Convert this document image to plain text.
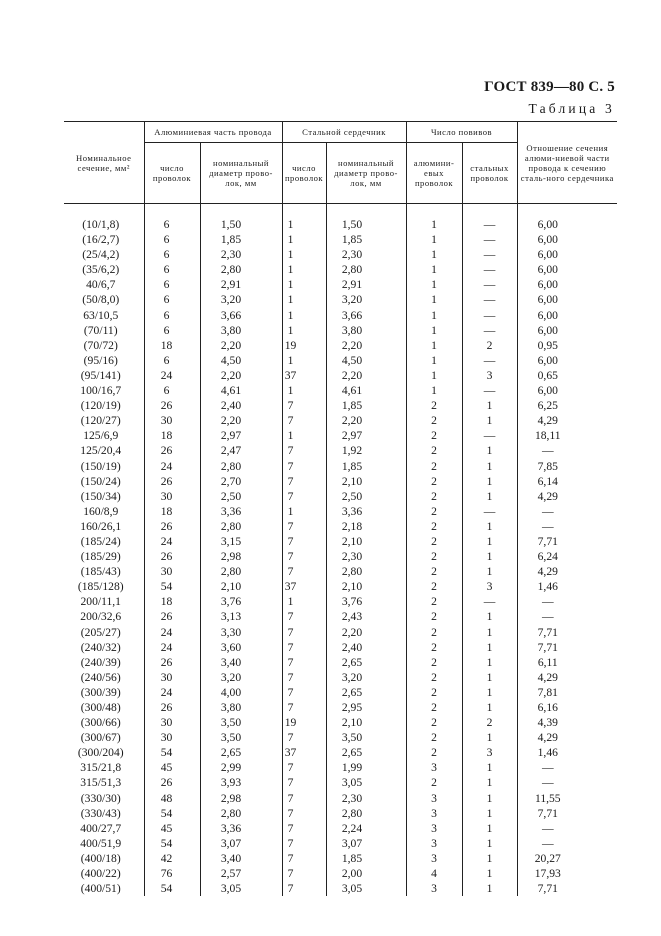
ГОСТ 839—80 С. 5
Таблица 3
Номинальное сечение, мм²	Алюминиевая часть провода		Стальной сердечник		Число повивов		Отношение сечения алюми-ниевой части провода к сечению сталь-ного сердечника
	число проволок	номинальный диаметр прово-лок, мм	число проволок	номинальный диаметр прово-лок, мм	алюмини-евых проволок	стальных проволок	
(10/1,8)	6	1,50	1	1,50	1	—	6,00
(16/2,7)	6	1,85	1	1,85	1	—	6,00
(25/4,2)	6	2,30	1	2,30	1	—	6,00
(35/6,2)	6	2,80	1	2,80	1	—	6,00
40/6,7	6	2,91	1	2,91	1	—	6,00
(50/8,0)	6	3,20	1	3,20	1	—	6,00
63/10,5	6	3,66	1	3,66	1	—	6,00
(70/11)	6	3,80	1	3,80	1	—	6,00
(70/72)	18	2,20	19	2,20	1	2	0,95
(95/16)	6	4,50	1	4,50	1	—	6,00
(95/141)	24	2,20	37	2,20	1	3	0,65
100/16,7	6	4,61	1	4,61	1	—	6,00
(120/19)	26	2,40	7	1,85	2	1	6,25
(120/27)	30	2,20	7	2,20	2	1	4,29
125/6,9	18	2,97	1	2,97	2	—	18,11
125/20,4	26	2,47	7	1,92	2	1	—
(150/19)	24	2,80	7	1,85	2	1	7,85
(150/24)	26	2,70	7	2,10	2	1	6,14
(150/34)	30	2,50	7	2,50	2	1	4,29
160/8,9	18	3,36	1	3,36	2	—	—
160/26,1	26	2,80	7	2,18	2	1	—
(185/24)	24	3,15	7	2,10	2	1	7,71
(185/29)	26	2,98	7	2,30	2	1	6,24
(185/43)	30	2,80	7	2,80	2	1	4,29
(185/128)	54	2,10	37	2,10	2	3	1,46
200/11,1	18	3,76	1	3,76	2	—	—
200/32,6	26	3,13	7	2,43	2	1	—
(205/27)	24	3,30	7	2,20	2	1	7,71
(240/32)	24	3,60	7	2,40	2	1	7,71
(240/39)	26	3,40	7	2,65	2	1	6,11
(240/56)	30	3,20	7	3,20	2	1	4,29
(300/39)	24	4,00	7	2,65	2	1	7,81
(300/48)	26	3,80	7	2,95	2	1	6,16
(300/66)	30	3,50	19	2,10	2	2	4,39
(300/67)	30	3,50	7	3,50	2	1	4,29
(300/204)	54	2,65	37	2,65	2	3	1,46
315/21,8	45	2,99	7	1,99	3	1	—
315/51,3	26	3,93	7	3,05	2	1	—
(330/30)	48	2,98	7	2,30	3	1	11,55
(330/43)	54	2,80	7	2,80	3	1	7,71
400/27,7	45	3,36	7	2,24	3	1	—
400/51,9	54	3,07	7	3,07	3	1	—
(400/18)	42	3,40	7	1,85	3	1	20,27
(400/22)	76	2,57	7	2,00	4	1	17,93
(400/51)	54	3,05	7	3,05	3	1	7,71
